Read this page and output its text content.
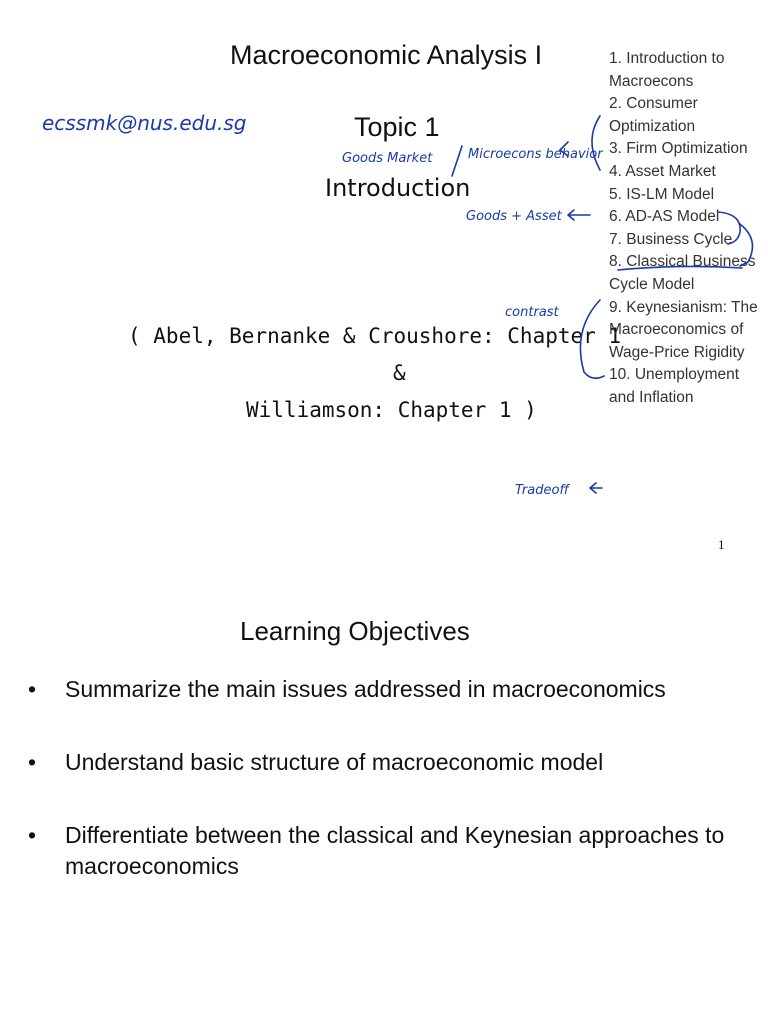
Macroeconomic Analysis I
Topic 1
Introduction
( Abel, Bernanke & Croushore: Chapter 1
&
Williamson: Chapter 1 )
1. Introduction to Macroecons
2. Consumer Optimization
3. Firm Optimization
4. Asset Market
5. IS-LM Model
6. AD-AS Model
7. Business Cycle
8. Classical Business Cycle Model
9. Keynesianism: The Macroeconomics of Wage-Price Rigidity
10. Unemployment and Inflation
1
ecssmk@nus.edu.sg
Goods Market	Microecons behavior
Goods + Asset
contrast
Tradeoff
Learning Objectives
•	Summarize the main issues addressed in macroeconomics
•	Understand basic structure of macroeconomic model
•	Differentiate between the classical and Keynesian approaches to macroeconomics
